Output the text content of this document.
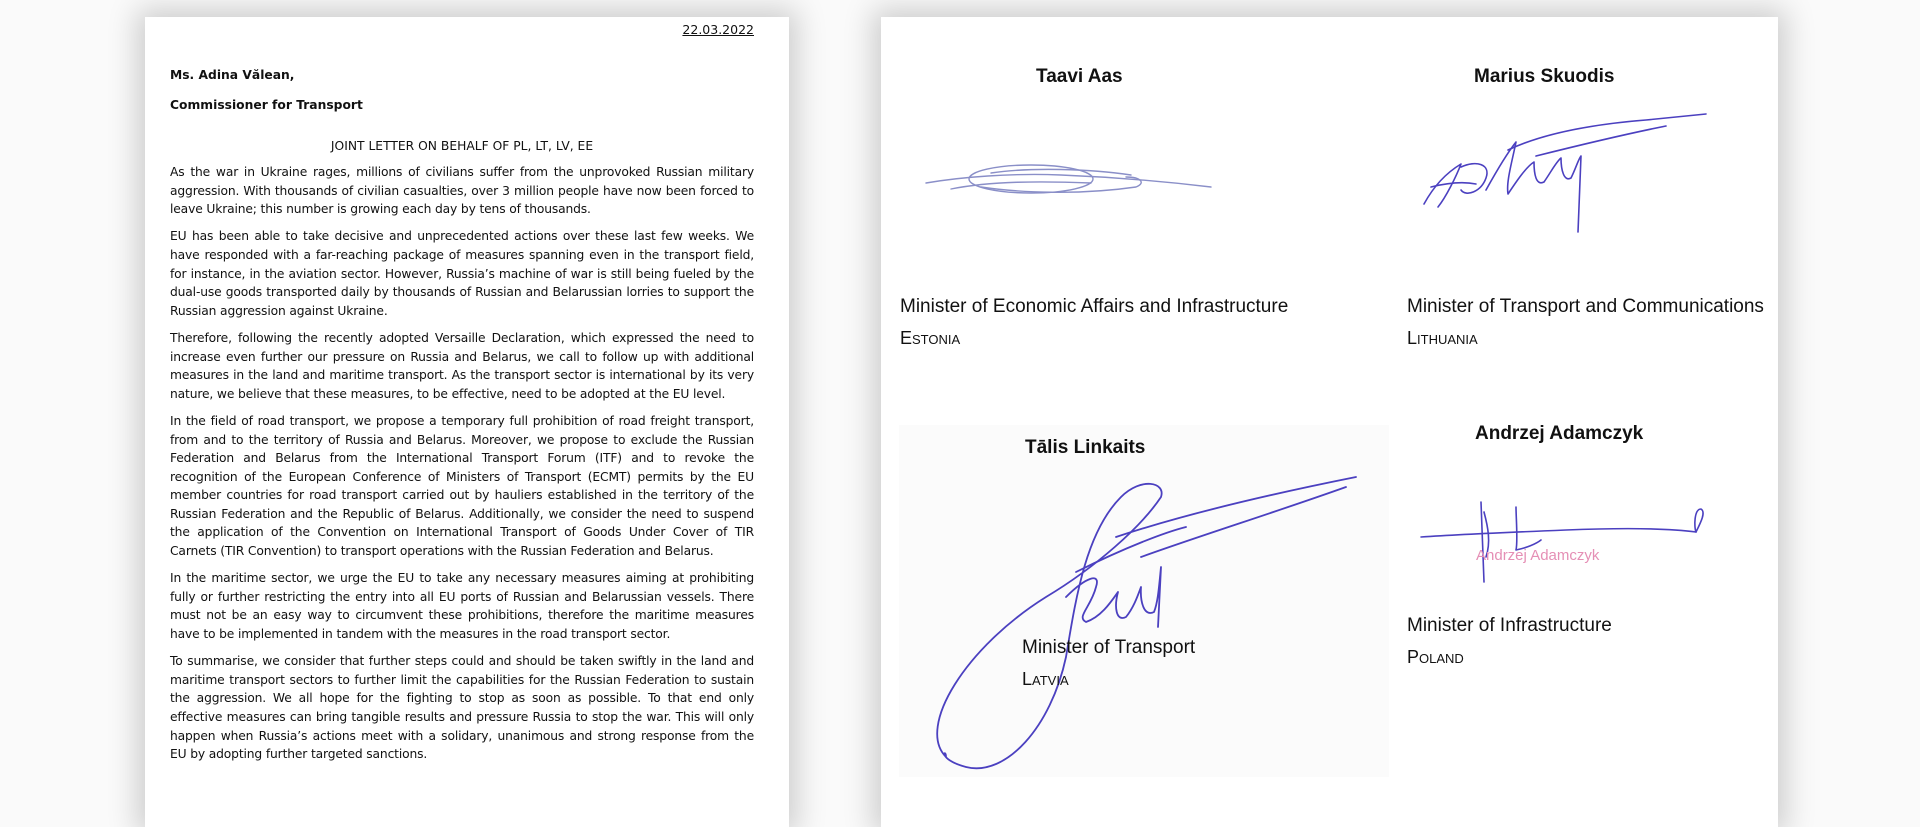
22.03.2022
Ms. Adina Vălean,
Commissioner for Transport
JOINT LETTER ON BEHALF OF PL, LT, LV, EE

As the war in Ukraine rages, millions of civilians suffer from the unprovoked Russian military aggression. With thousands of civilian casualties, over 3 million people have now been forced to leave Ukraine; this number is growing each day by tens of thousands.

EU has been able to take decisive and unprecedented actions over these last few weeks. We have responded with a far-reaching package of measures spanning even in the transport field, for instance, in the aviation sector. However, Russia’s machine of war is still being fueled by the dual-use goods transported daily by thousands of Russian and Belarussian lorries to support the Russian aggression against Ukraine.

Therefore, following the recently adopted Versaille Declaration, which expressed the need to increase even further our pressure on Russia and Belarus, we call to follow up with additional measures in the land and maritime transport. As the transport sector is international by its very nature, we believe that these measures, to be effective, need to be adopted at the EU level.

In the field of road transport, we propose a temporary full prohibition of road freight transport, from and to the territory of Russia and Belarus. Moreover, we propose to exclude the Russian Federation and Belarus from the International Transport Forum (ITF) and to revoke the recognition of the European Conference of Ministers of Transport (ECMT) permits by the EU member countries for road transport carried out by hauliers established in the territory of the Russian Federation and the Republic of Belarus. Additionally, we consider the need to suspend the application of the Convention on International Transport of Goods Under Cover of TIR Carnets (TIR Convention) to transport operations with the Russian Federation and Belarus.

In the maritime sector, we urge the EU to take any necessary measures aiming at prohibiting fully or further restricting the entry into all EU ports of Russian and Belarussian vessels. There must not be an easy way to circumvent these prohibitions, therefore the maritime measures have to be implemented in tandem with the measures in the road transport sector.

To summarise, we consider that further steps could and should be taken swiftly in the land and maritime transport sectors to further limit the capabilities for the Russian Federation to sustain the aggression. We all hope for the fighting to stop as soon as possible. To that end only effective measures can bring tangible results and pressure Russia to stop the war. This will only happen when Russia’s actions meet with a solidary, unanimous and strong response from the EU by adopting further targeted sanctions.

Taavi Aas
Minister of Economic Affairs and Infrastructure
Estonia
Marius Skuodis
Minister of Transport and Communications
Lithuania
Tālis Linkaits
Minister of Transport
Latvia
Andrzej Adamczyk
Andrzej Adamczyk
Minister of Infrastructure
Poland
